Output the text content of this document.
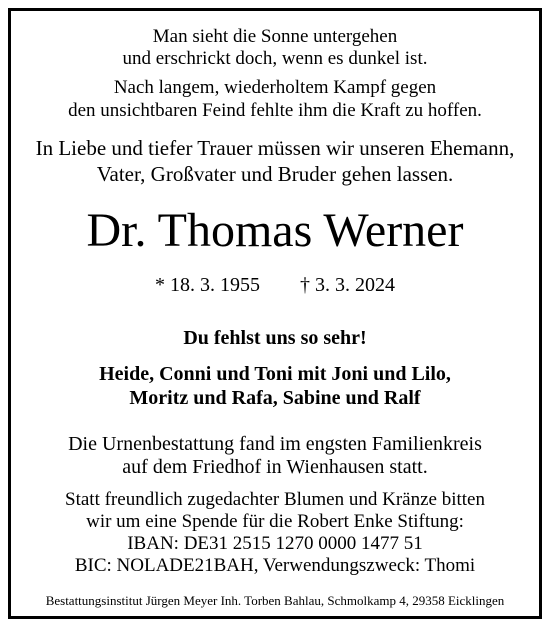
Man sieht die Sonne untergehen
und erschrickt doch, wenn es dunkel ist.
Nach langem, wiederholtem Kampf gegen
den unsichtbaren Feind fehlte ihm die Kraft zu hoffen.
In Liebe und tiefer Trauer müssen wir unseren Ehemann,
Vater, Großvater und Bruder gehen lassen.
Dr. Thomas Werner
* 18. 3. 1955 † 3. 3. 2024
Du fehlst uns so sehr!
Heide, Conni und Toni mit Joni und Lilo,
Moritz und Rafa, Sabine und Ralf
Die Urnenbestattung fand im engsten Familienkreis
auf dem Friedhof in Wienhausen statt.
Statt freundlich zugedachter Blumen und Kränze bitten
wir um eine Spende für die Robert Enke Stiftung:
IBAN: DE31 2515 1270 0000 1477 51
BIC: NOLADE21BAH, Verwendungszweck: Thomi
Bestattungsinstitut Jürgen Meyer Inh. Torben Bahlau, Schmolkamp 4, 29358 Eicklingen
